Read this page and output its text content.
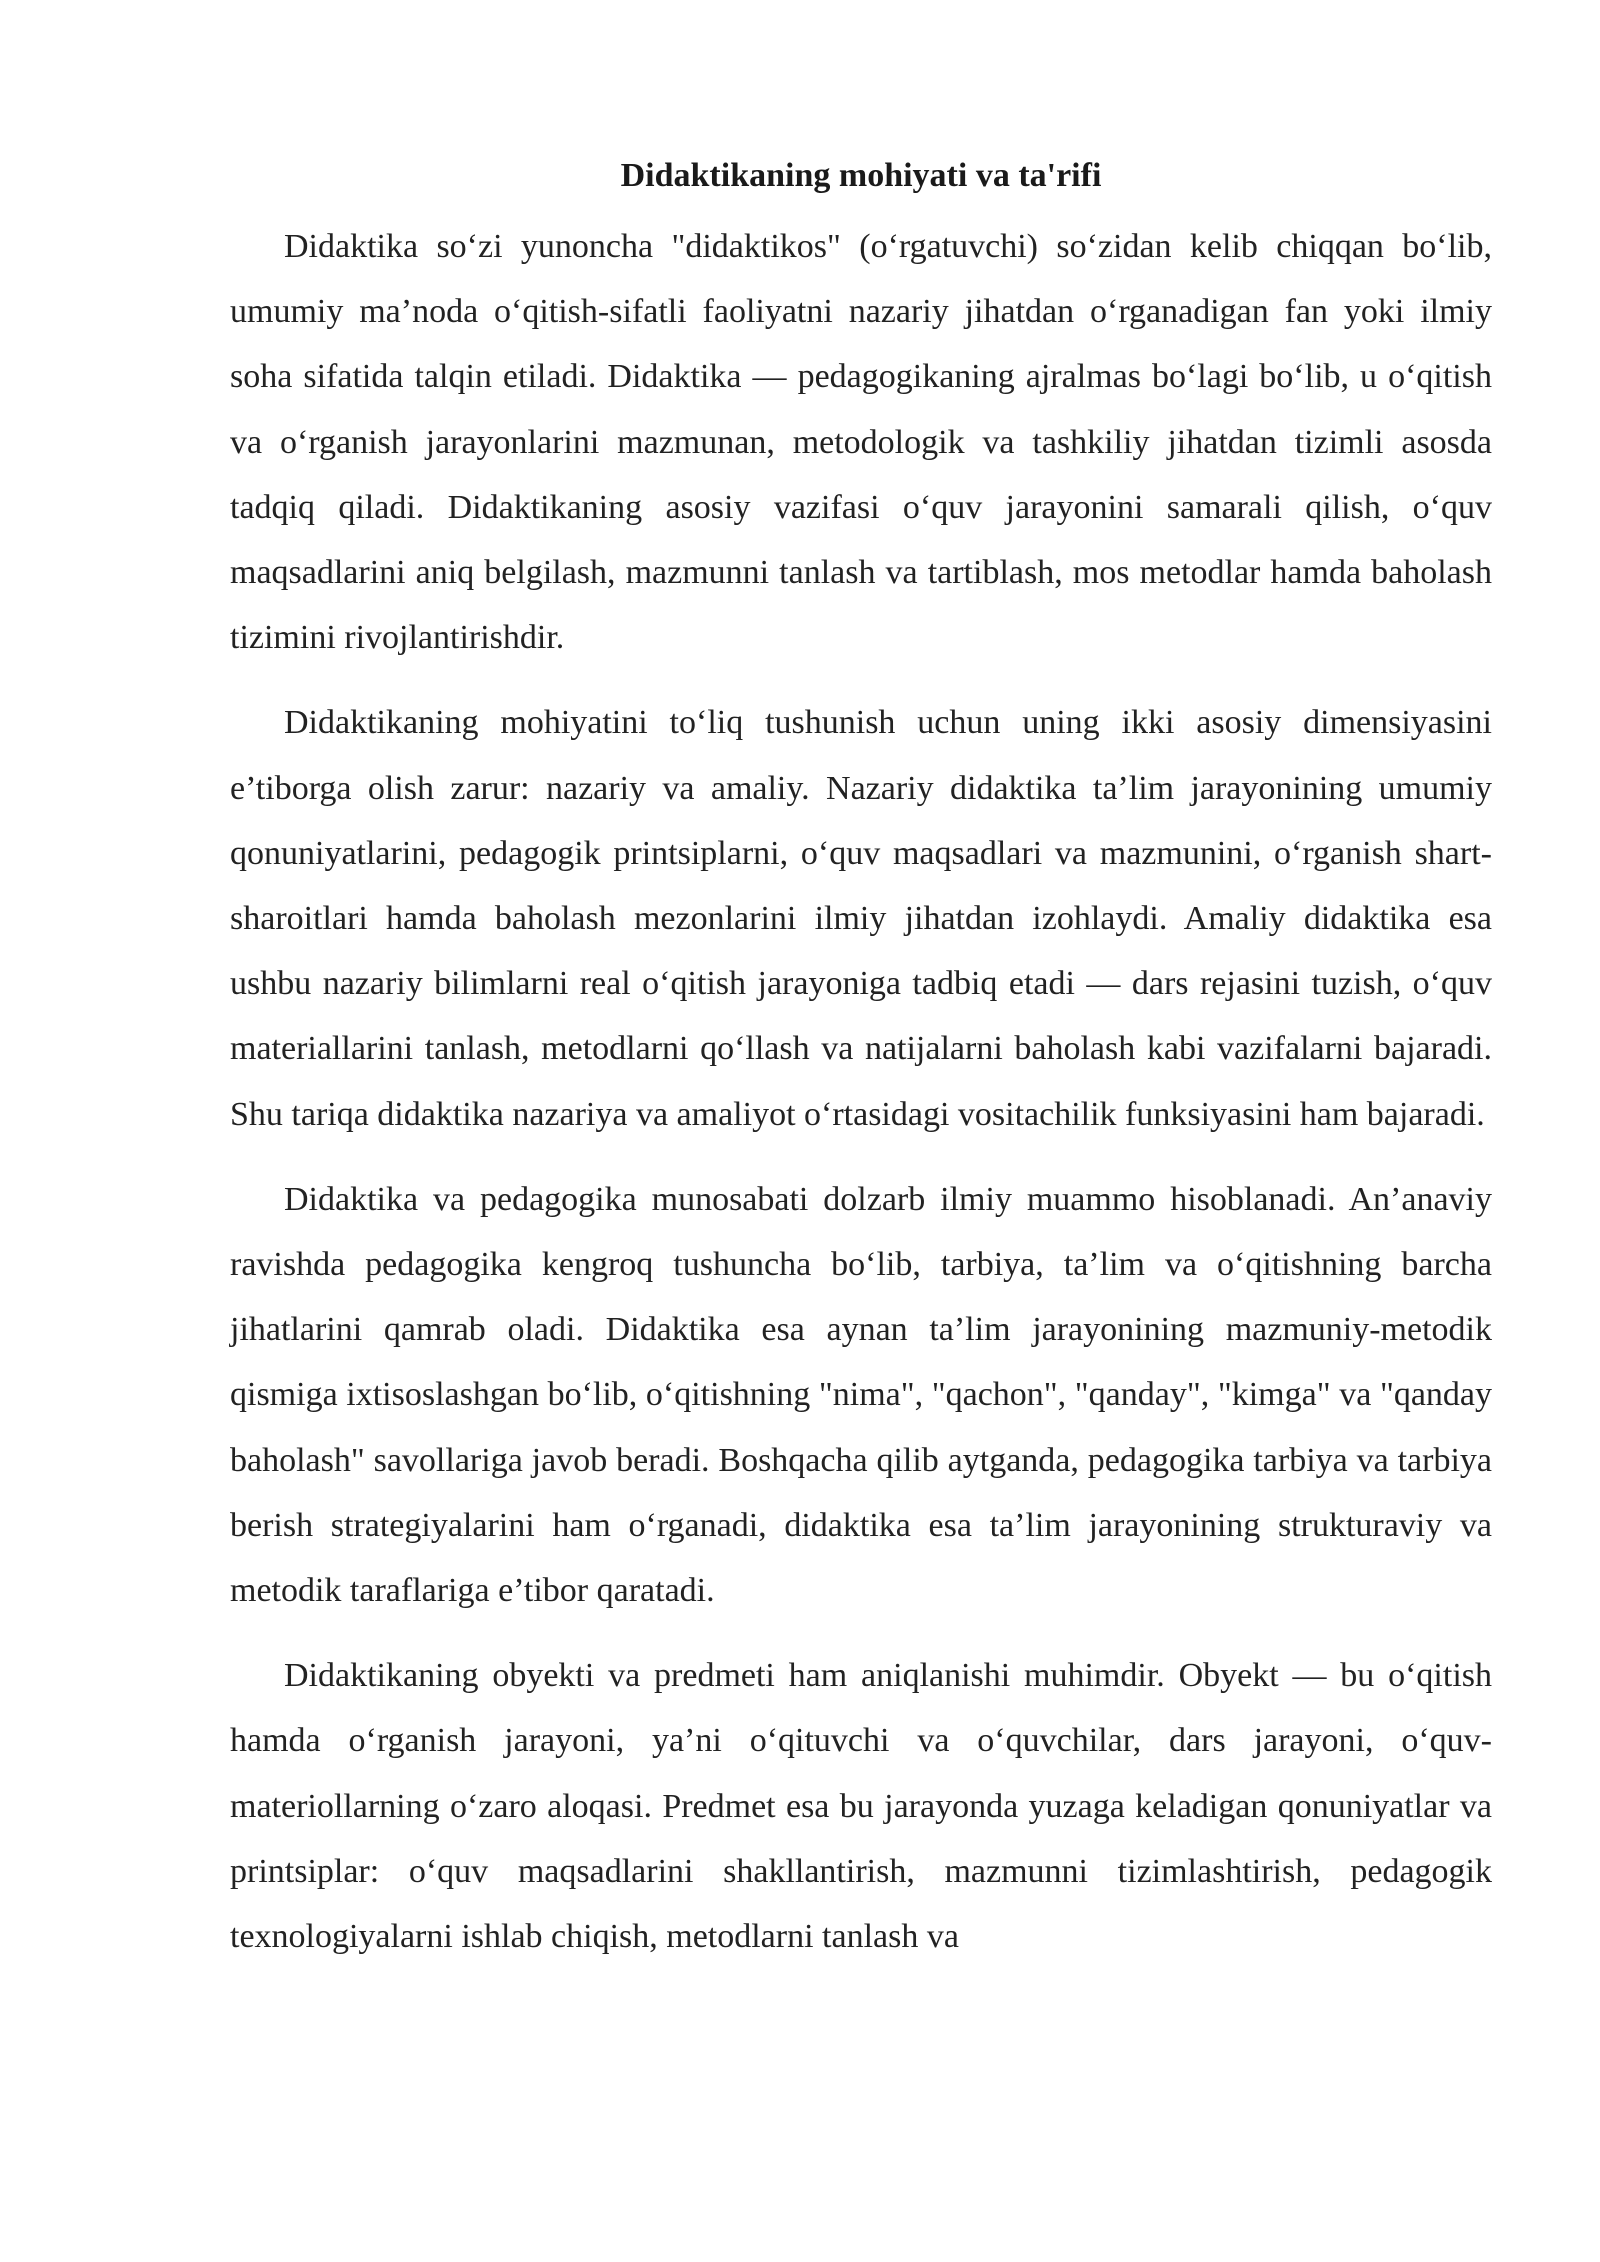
Didaktikaning mohiyati va ta'rifi

Didaktika so‘zi yunoncha "didaktikos" (o‘rgatuvchi) so‘zidan kelib chiqqan bo‘lib, umumiy ma’noda o‘qitish-sifatli faoliyatni nazariy jihatdan o‘rganadigan fan yoki ilmiy soha sifatida talqin etiladi. Didaktika — pedagogikaning ajralmas bo‘lagi bo‘lib, u o‘qitish va o‘rganish jarayonlarini mazmunan, metodologik va tashkiliy jihatdan tizimli asosda tadqiq qiladi. Didaktikaning asosiy vazifasi o‘quv jarayonini samarali qilish, o‘quv maqsadlarini aniq belgilash, mazmunni tanlash va tartiblash, mos metodlar hamda baholash tizimini rivojlantirishdir.

Didaktikaning mohiyatini to‘liq tushunish uchun uning ikki asosiy dimensiyasini e’tiborga olish zarur: nazariy va amaliy. Nazariy didaktika ta’lim jarayonining umumiy qonuniyatlarini, pedagogik printsiplarni, o‘quv maqsadlari va mazmunini, o‘rganish shart-sharoitlari hamda baholash mezonlarini ilmiy jihatdan izohlaydi. Amaliy didaktika esa ushbu nazariy bilimlarni real o‘qitish jarayoniga tadbiq etadi — dars rejasini tuzish, o‘quv materiallarini tanlash, metodlarni qo‘llash va natijalarni baholash kabi vazifalarni bajaradi. Shu tariqa didaktika nazariya va amaliyot o‘rtasidagi vositachilik funksiyasini ham bajaradi.

Didaktika va pedagogika munosabati dolzarb ilmiy muammo hisoblanadi. An’anaviy ravishda pedagogika kengroq tushuncha bo‘lib, tarbiya, ta’lim va o‘qitishning barcha jihatlarini qamrab oladi. Didaktika esa aynan ta’lim jarayonining mazmuniy-metodik qismiga ixtisoslashgan bo‘lib, o‘qitishning "nima", "qachon", "qanday", "kimga" va "qanday baholash" savollariga javob beradi. Boshqacha qilib aytganda, pedagogika tarbiya va tarbiya berish strategiyalarini ham o‘rganadi, didaktika esa ta’lim jarayonining strukturaviy va metodik taraflariga e’tibor qaratadi.

Didaktikaning obyekti va predmeti ham aniqlanishi muhimdir. Obyekt — bu o‘qitish hamda o‘rganish jarayoni, ya’ni o‘qituvchi va o‘quvchilar, dars jarayoni, o‘quv-materiollarning o‘zaro aloqasi. Predmet esa bu jarayonda yuzaga keladigan qonuniyatlar va printsiplar: o‘quv maqsadlarini shakllantirish, mazmunni tizimlashtirish, pedagogik texnologiyalarni ishlab chiqish, metodlarni tanlash va
